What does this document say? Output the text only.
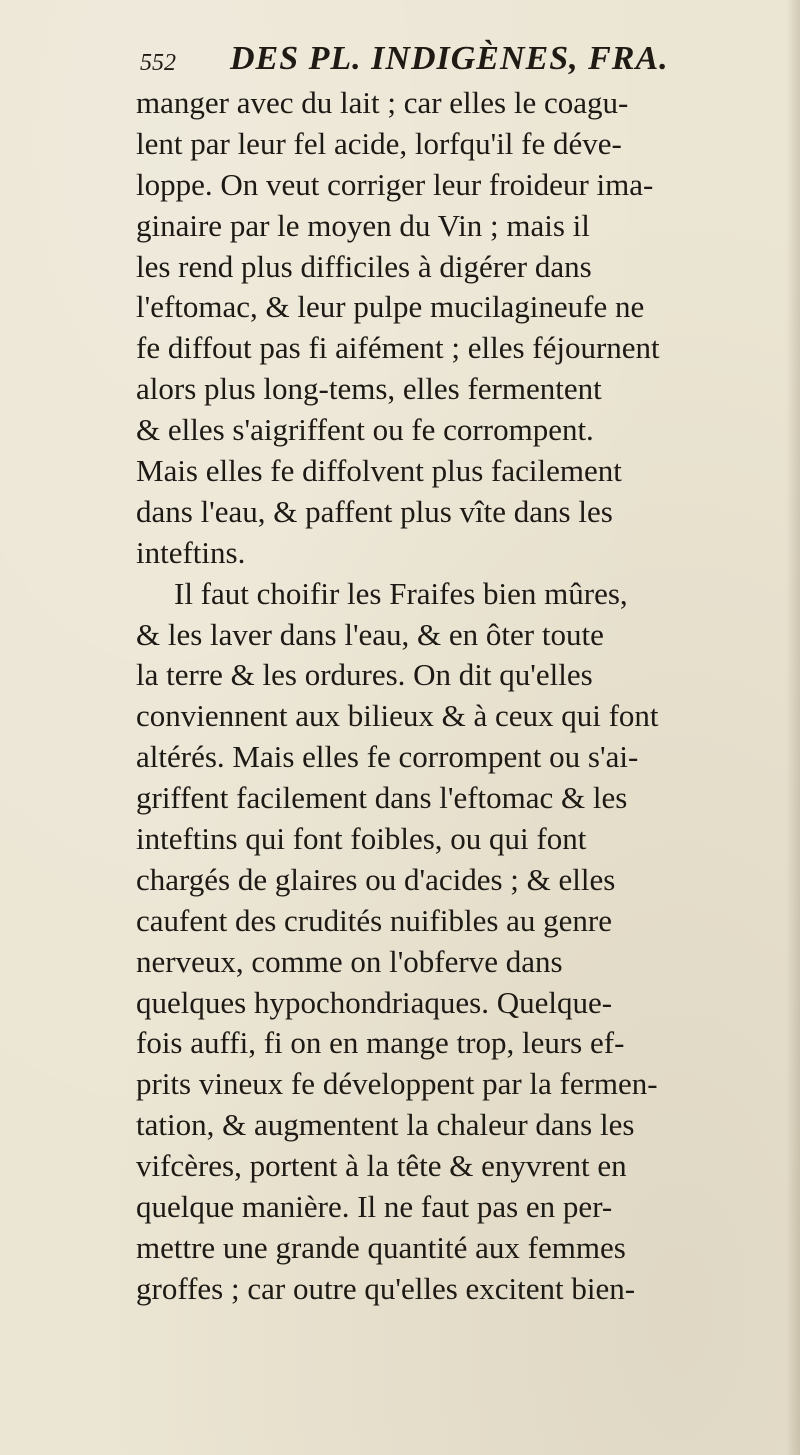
552 DES PL. INDIGÈNES, FRA.
manger avec du lait ; car elles le coagu-
lent par leur fel acide, lorfqu'il fe déve-
loppe. On veut corriger leur froideur ima-
ginaire par le moyen du Vin ; mais il
les rend plus difficiles à digérer dans
l'eftomac, & leur pulpe mucilagineufe ne
fe diffout pas fi aifément ; elles féjournent
alors plus long-tems, elles fermentent
& elles s'aigriffent ou fe corrompent.
Mais elles fe diffolvent plus facilement
dans l'eau, & paffent plus vîte dans les
inteftins.
Il faut choifir les Fraifes bien mûres,
& les laver dans l'eau, & en ôter toute
la terre & les ordures. On dit qu'elles
conviennent aux bilieux & à ceux qui font
altérés. Mais elles fe corrompent ou s'ai-
griffent facilement dans l'eftomac & les
inteftins qui font foibles, ou qui font
chargés de glaires ou d'acides ; & elles
caufent des crudités nuifibles au genre
nerveux, comme on l'obferve dans
quelques hypochondriaques. Quelque-
fois auffi, fi on en mange trop, leurs ef-
prits vineux fe développent par la fermen-
tation, & augmentent la chaleur dans les
vifcères, portent à la tête & enyvrent en
quelque manière. Il ne faut pas en per-
mettre une grande quantité aux femmes
groffes ; car outre qu'elles excitent bien-
